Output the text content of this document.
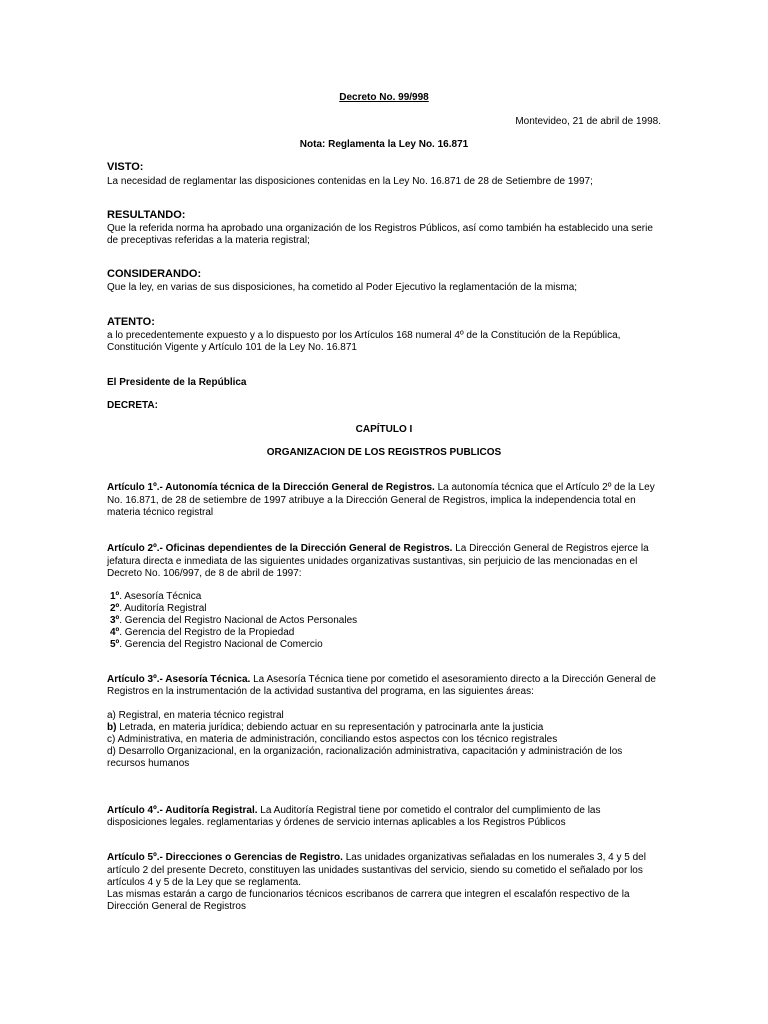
Decreto No. 99/998
Montevideo, 21 de abril de 1998.
Nota: Reglamenta la Ley No. 16.871
VISTO:
La necesidad de reglamentar las disposiciones contenidas en la Ley No. 16.871 de 28 de Setiembre de 1997;
RESULTANDO:
Que la referida norma ha aprobado una organización de los Registros Públicos, así como también ha establecido una serie
de preceptivas referidas a la materia registral;
CONSIDERANDO:
Que la ley, en varias de sus disposiciones, ha cometido al Poder Ejecutivo la reglamentación de la misma;
ATENTO:
a lo precedentemente expuesto y a lo dispuesto por los Artículos 168 numeral 4º de la Constitución de la República,
Constitución Vigente y Artículo 101 de la Ley No. 16.871
El Presidente de la República
DECRETA:
CAPÍTULO I
ORGANIZACION DE LOS REGISTROS PUBLICOS
Artículo 1º.- Autonomía técnica de la Dirección General de Registros. La autonomía técnica que el Artículo 2º de la Ley
No. 16.871, de 28 de setiembre de 1997 atribuye a la Dirección General de Registros, implica la independencia total en
materia técnico registral
Artículo 2º.- Oficinas dependientes de la Dirección General de Registros. La Dirección General de Registros ejerce la
jefatura directa e inmediata de las siguientes unidades organizativas sustantivas, sin perjuicio de las mencionadas en el
Decreto No. 106/997, de 8 de abril de 1997:
1º. Asesoría Técnica
2º. Auditoría Registral
3º. Gerencia del Registro Nacional de Actos Personales
4º. Gerencia del Registro de la Propiedad
5º. Gerencia del Registro Nacional de Comercio
Artículo 3º.- Asesoría Técnica. La Asesoría Técnica tiene por cometido el asesoramiento directo a la Dirección General de
Registros en la instrumentación de la actividad sustantiva del programa, en las siguientes áreas:
a) Registral, en materia técnico registral
b) Letrada, en materia jurídica; debiendo actuar en su representación y patrocinarla ante la justicia
c) Administrativa, en materia de administración, conciliando estos aspectos con los técnico registrales
d) Desarrollo Organizacional, en la organización, racionalización administrativa, capacitación y administración de los
recursos humanos
Artículo 4º.- Auditoría Registral. La Auditoría Registral tiene por cometido el contralor del cumplimiento de las
disposiciones legales. reglamentarias y órdenes de servicio internas aplicables a los Registros Públicos
Artículo 5º.- Direcciones o Gerencias de Registro. Las unidades organizativas señaladas en los numerales 3, 4 y 5 del
artículo 2 del presente Decreto, constituyen las unidades sustantivas del servicio, siendo su cometido el señalado por los
artículos 4 y 5 de la Ley que se reglamenta.
Las mismas estarán a cargo de funcionarios técnicos escribanos de carrera que integren el escalafón respectivo de la
Dirección General de Registros
